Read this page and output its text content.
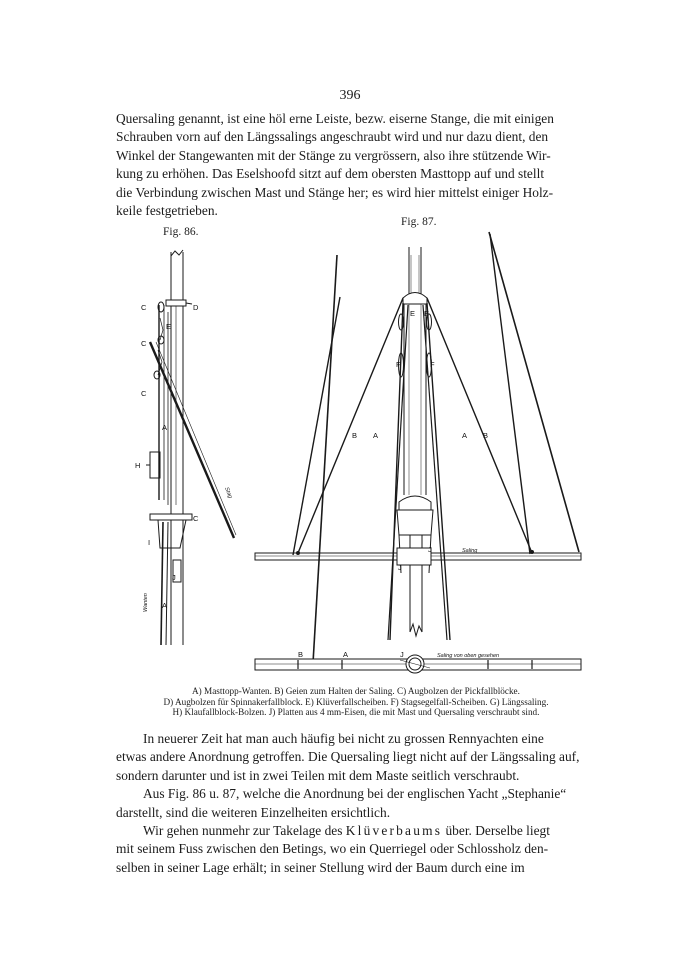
396

Quersaling genannt, ist eine höl erne Leiste, bezw. eiserne Stange, die mit einigen

Schrauben vorn auf den Längssalings angeschraubt wird und nur dazu dient, den

Winkel der Stangewanten mit der Stänge zu vergrössern, also ihre stützende Wir-

kung zu erhöhen. Das Eselshoofd sitzt auf dem obersten Masttopp auf und stellt

die Verbindung zwischen Mast und Stänge her; es wird hier mittelst einiger Holz-

keile festgetrieben.

Fig. 86.
Fig. 87.
C	D
E
C
C
A
H
C
I
J
A
Wanten
Stag
E E
F	F
B A	A B
J
J
Saling
B	A	J	Saling von oben gesehen
A) Masttopp-Wanten. B) Geien zum Halten der Saling. C) Augbolzen der Pickfallblöcke.
D) Augbolzen für Spinnakerfallblock. E) Klüverfallscheiben. F) Stagsegelfall-Scheiben. G) Längssaling.
H) Klaufallblock-Bolzen. J) Platten aus 4 mm-Eisen, die mit Mast und Quersaling verschraubt sind.

In neuerer Zeit hat man auch häufig bei nicht zu grossen Rennyachten eine

etwas andere Anordnung getroffen. Die Quersaling liegt nicht auf der Längssaling auf,

sondern darunter und ist in zwei Teilen mit dem Maste seitlich verschraubt.

Aus Fig. 86 u. 87, welche die Anordnung bei der englischen Yacht „Stephanie“

darstellt, sind die weiteren Einzelheiten ersichtlich.

Wir gehen nunmehr zur Takelage des Klüverbaums über. Derselbe liegt

mit seinem Fuss zwischen den Betings, wo ein Querriegel oder Schlossholz den-

selben in seiner Lage erhält; in seiner Stellung wird der Baum durch eine im
